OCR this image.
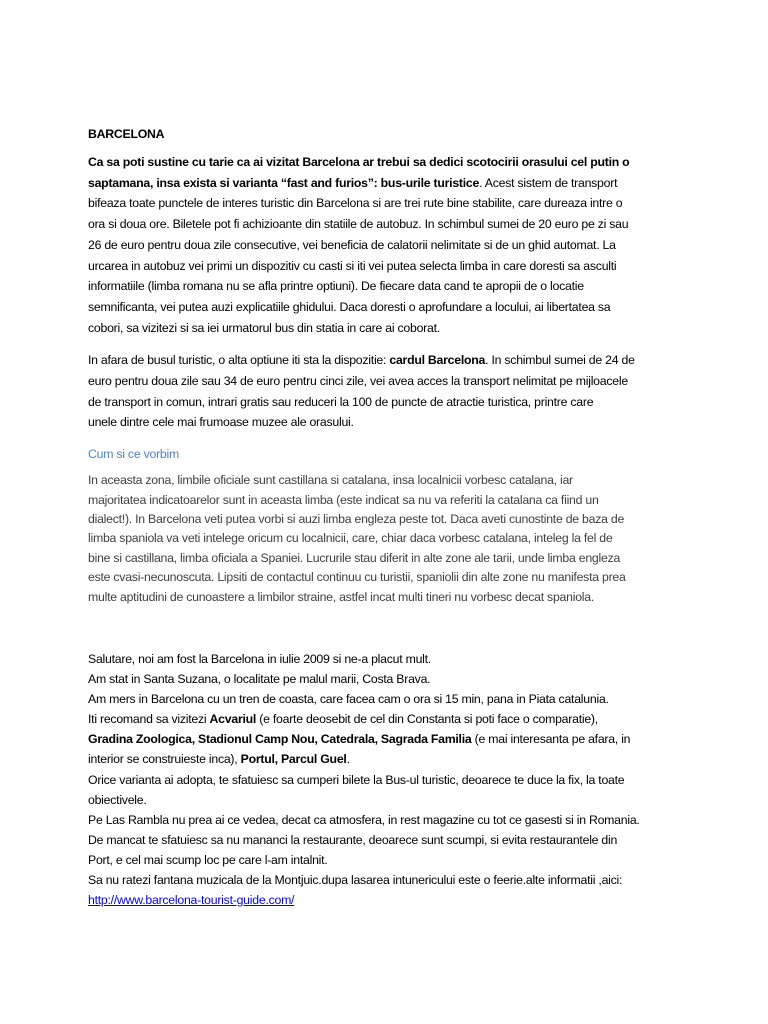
BARCELONA
Ca sa poti sustine cu tarie ca ai vizitat Barcelona ar trebui sa dedici scotocirii orasului cel putin o
saptamana, insa exista si varianta “fast and furios”: bus-urile turistice. Acest sistem de transport
bifeaza toate punctele de interes turistic din Barcelona si are trei rute bine stabilite, care dureaza intre o
ora si doua ore. Biletele pot fi achizioante din statiile de autobuz. In schimbul sumei de 20 euro pe zi sau
26 de euro pentru doua zile consecutive, vei beneficia de calatorii nelimitate si de un ghid automat. La
urcarea in autobuz vei primi un dispozitiv cu casti si iti vei putea selecta limba in care doresti sa asculti
informatiile (limba romana nu se afla printre optiuni). De fiecare data cand te apropii de o locatie
semnificanta, vei putea auzi explicatiile ghidului. Daca doresti o aprofundare a locului, ai libertatea sa
cobori, sa vizitezi si sa iei urmatorul bus din statia in care ai coborat.
In afara de busul turistic, o alta optiune iti sta la dispozitie: cardul Barcelona. In schimbul sumei de 24 de
euro pentru doua zile sau 34 de euro pentru cinci zile, vei avea acces la transport nelimitat pe mijloacele
de transport in comun, intrari gratis sau reduceri la 100 de puncte de atractie turistica, printre care
unele dintre cele mai frumoase muzee ale orasului.
Cum si ce vorbim
In aceasta zona, limbile oficiale sunt castillana si catalana, insa localnicii vorbesc catalana, iar
majoritatea indicatoarelor sunt in aceasta limba (este indicat sa nu va referiti la catalana ca fiind un
dialect!). In Barcelona veti putea vorbi si auzi limba engleza peste tot. Daca aveti cunostinte de baza de
limba spaniola va veti intelege oricum cu localnicii, care, chiar daca vorbesc catalana, inteleg la fel de
bine si castillana, limba oficiala a Spaniei. Lucrurile stau diferit in alte zone ale tarii, unde limba engleza
este cvasi-necunoscuta. Lipsiti de contactul continuu cu turistii, spaniolii din alte zone nu manifesta prea
multe aptitudini de cunoastere a limbilor straine, astfel incat multi tineri nu vorbesc decat spaniola.
Salutare, noi am fost la Barcelona in iulie 2009 si ne-a placut mult.
Am stat in Santa Suzana, o localitate pe malul marii, Costa Brava.
Am mers in Barcelona cu un tren de coasta, care facea cam o ora si 15 min, pana in Piata catalunia.
Iti recomand sa vizitezi Acvariul (e foarte deosebit de cel din Constanta si poti face o comparatie),
Gradina Zoologica, Stadionul Camp Nou, Catedrala, Sagrada Familia (e mai interesanta pe afara, in
interior se construieste inca), Portul, Parcul Guel.
Orice varianta ai adopta, te sfatuiesc sa cumperi bilete la Bus-ul turistic, deoarece te duce la fix, la toate
obiectivele.
Pe Las Rambla nu prea ai ce vedea, decat ca atmosfera, in rest magazine cu tot ce gasesti si in Romania.
De mancat te sfatuiesc sa nu mananci la restaurante, deoarece sunt scumpi, si evita restaurantele din
Port, e cel mai scump loc pe care l-am intalnit.
Sa nu ratezi fantana muzicala de la Montjuic.dupa lasarea intunericului este o feerie.alte informatii ,aici:
http://www.barcelona-tourist-guide.com/
